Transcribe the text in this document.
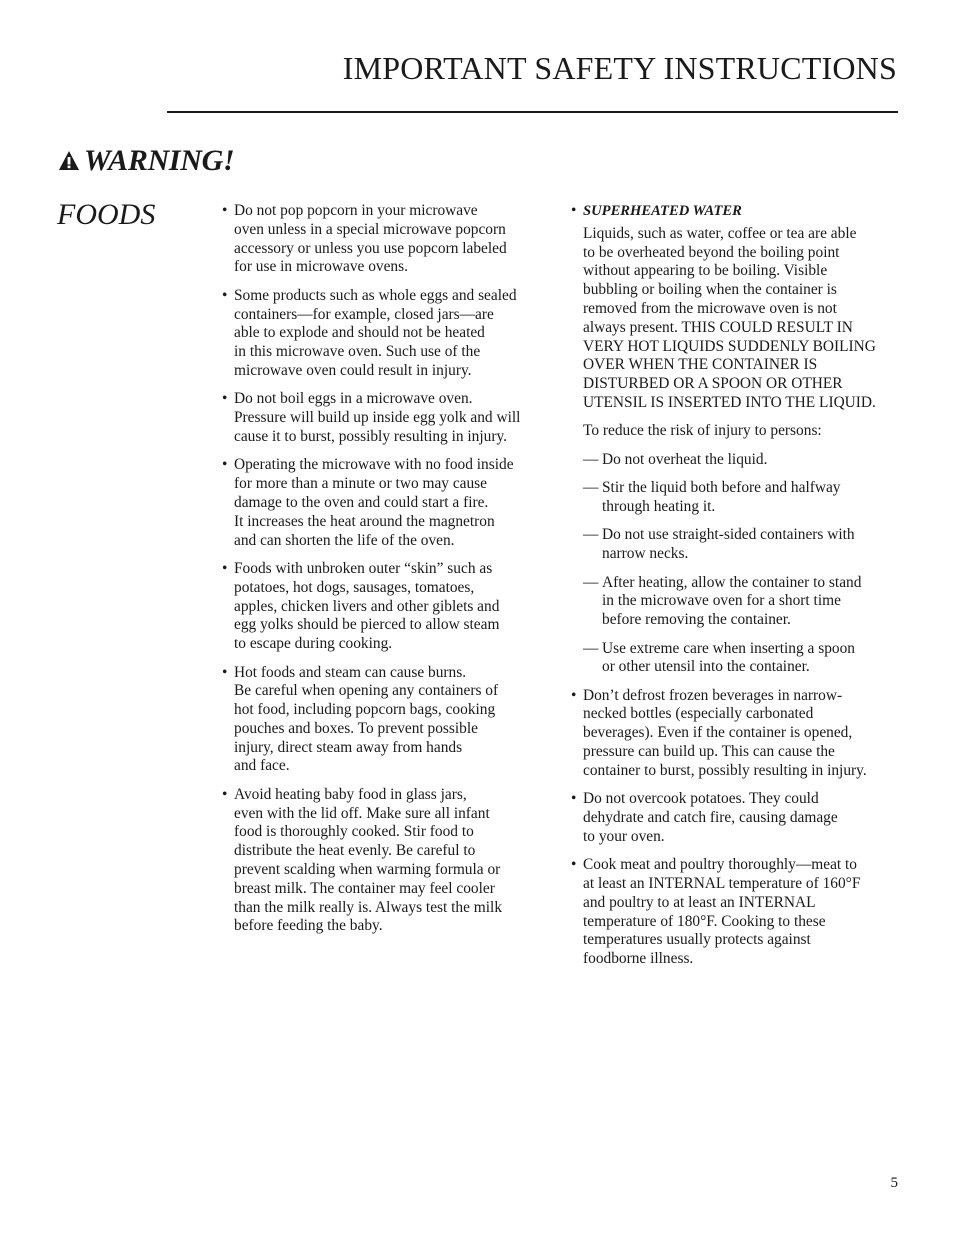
IMPORTANT SAFETY INSTRUCTIONS
WARNING!
FOODS	• Do not pop popcorn in your microwave
oven unless in a special microwave popcorn
accessory or unless you use popcorn labeled
for use in microwave ovens.
• Some products such as whole eggs and sealed
containers—for example, closed jars—are
able to explode and should not be heated
in this microwave oven. Such use of the
microwave oven could result in injury.
• Do not boil eggs in a microwave oven.
Pressure will build up inside egg yolk and will
cause it to burst, possibly resulting in injury.
• Operating the microwave with no food inside
for more than a minute or two may cause
damage to the oven and could start a fire.
It increases the heat around the magnetron
and can shorten the life of the oven.
• Foods with unbroken outer “skin” such as
potatoes, hot dogs, sausages, tomatoes,
apples, chicken livers and other giblets and
egg yolks should be pierced to allow steam
to escape during cooking.
• Hot foods and steam can cause burns.
Be careful when opening any containers of
hot food, including popcorn bags, cooking
pouches and boxes. To prevent possible
injury, direct steam away from hands
and face.
• Avoid heating baby food in glass jars,
even with the lid off. Make sure all infant
food is thoroughly cooked. Stir food to
distribute the heat evenly. Be careful to
prevent scalding when warming formula or
breast milk. The container may feel cooler
than the milk really is. Always test the milk
before feeding the baby.
• SUPERHEATED WATER
Liquids, such as water, coffee or tea are able
to be overheated beyond the boiling point
without appearing to be boiling. Visible
bubbling or boiling when the container is
removed from the microwave oven is not
always present. THIS COULD RESULT IN
VERY HOT LIQUIDS SUDDENLY BOILING
OVER WHEN THE CONTAINER IS
DISTURBED OR A SPOON OR OTHER
UTENSIL IS INSERTED INTO THE LIQUID.
To reduce the risk of injury to persons:
— Do not overheat the liquid.
— Stir the liquid both before and halfway
through heating it.
— Do not use straight-sided containers with
narrow necks.
— After heating, allow the container to stand
in the microwave oven for a short time
before removing the container.
— Use extreme care when inserting a spoon
or other utensil into the container.
• Don’t defrost frozen beverages in narrow-
necked bottles (especially carbonated
beverages). Even if the container is opened,
pressure can build up. This can cause the
container to burst, possibly resulting in injury.
• Do not overcook potatoes. They could
dehydrate and catch fire, causing damage
to your oven.
• Cook meat and poultry thoroughly—meat to
at least an INTERNAL temperature of 160°F
and poultry to at least an INTERNAL
temperature of 180°F. Cooking to these
temperatures usually protects against
foodborne illness.
5
